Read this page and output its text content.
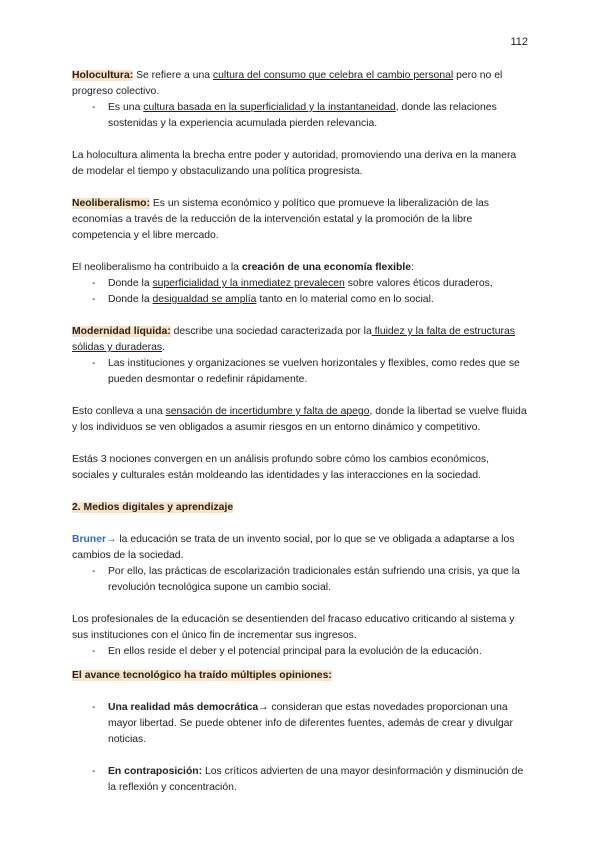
112

Holocultura: Se refiere a una cultura del consumo que celebra el cambio personal pero no el progreso colectivo.

- Es una cultura basada en la superficialidad y la instantaneidad, donde las relaciones sostenidas y la experiencia acumulada pierden relevancia.

La holocultura alimenta la brecha entre poder y autoridad, promoviendo una deriva en la manera de modelar el tiempo y obstaculizando una política progresista.

Neoliberalismo: Es un sistema económico y político que promueve la liberalización de las economías a través de la reducción de la intervención estatal y la promoción de la libre competencia y el libre mercado.

El neoliberalismo ha contribuido a la creación de una economía flexible:

- Donde la superficialidad y la inmediatez prevalecen sobre valores éticos duraderos,

- Donde la desigualdad se amplía tanto en lo material como en lo social.

Modernidad líquida: describe una sociedad caracterizada por la fluidez y la falta de estructuras sólidas y duraderas.

- Las instituciones y organizaciones se vuelven horizontales y flexibles, como redes que se pueden desmontar o redefinir rápidamente.

Esto conlleva a una sensación de incertidumbre y falta de apego, donde la libertad se vuelve fluida y los individuos se ven obligados a asumir riesgos en un entorno dinámico y competitivo.

Estás 3 nociones convergen en un análisis profundo sobre cómo los cambios económicos, sociales y culturales están moldeando las identidades y las interacciones en la sociedad.

2. Medios digitales y aprendizaje

Bruner→ la educación se trata de un invento social, por lo que se ve obligada a adaptarse a los cambios de la sociedad.

- Por ello, las prácticas de escolarización tradicionales están sufriendo una crisis, ya que la revolución tecnológica supone un cambio social.

Los profesionales de la educación se desentienden del fracaso educativo criticando al sistema y sus instituciones con el único fin de incrementar sus ingresos.

- En ellos reside el deber y el potencial principal para la evolución de la educación.

El avance tecnológico ha traído múltiples opiniones:

- Una realidad más democrática→ consideran que estas novedades proporcionan una mayor libertad. Se puede obtener info de diferentes fuentes, además de crear y divulgar noticias.

- En contraposición: Los críticos advierten de una mayor desinformación y disminución de la reflexión y concentración.
